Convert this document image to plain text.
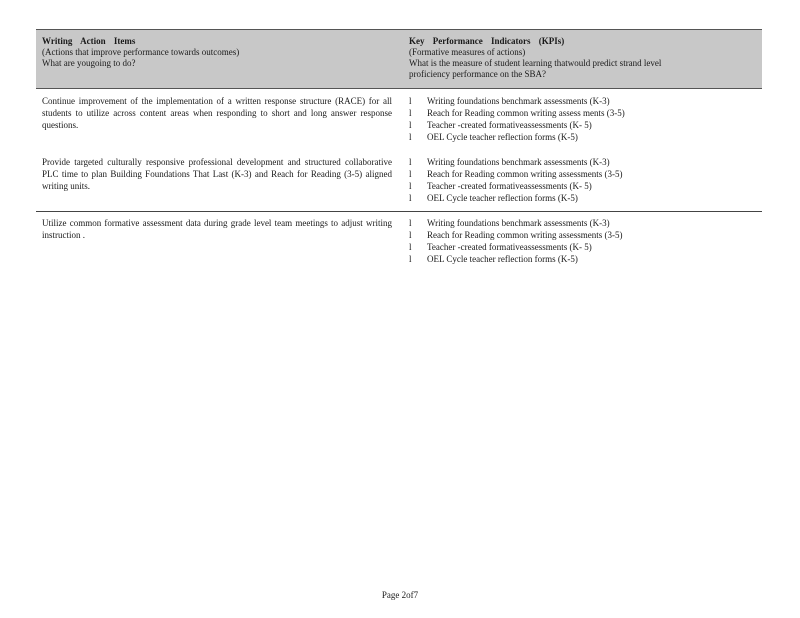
Writing Action Items
(Actions that improve performance towards outcomes)
What are yougoing to do?
Key Performance Indicators (KPIs)
(Formative measures of actions)
What is the measure of student learning thatwould predict strand level
proficiency performance on the SBA?
Continue improvement of the implementation of a written response structure (RACE) for all students to utilize across content areas when responding to short and long answer response questions.
l Writing foundations benchmark assessments (K-3)
l Reach for Reading common writing assess ments (3-5)
l Teacher -created formativeassessments (K- 5)
l OEL Cycle teacher reflection forms (K-5)
Provide targeted culturally responsive professional development and structured collaborative PLC time to plan Building Foundations That Last (K-3) and Reach for Reading (3-5) aligned writing units.
l Writing foundations benchmark assessments (K-3)
l Reach for Reading common writing assessments (3-5)
l Teacher -created formativeassessments (K- 5)
l OEL Cycle teacher reflection forms (K-5)
Utilize common formative assessment data during grade level team meetings to adjust writing instruction .
l Writing foundations benchmark assessments (K-3)
l Reach for Reading common writing assessments (3-5)
l Teacher -created formativeassessments (K- 5)
l OEL Cycle teacher reflection forms (K-5)
Page 2of7
